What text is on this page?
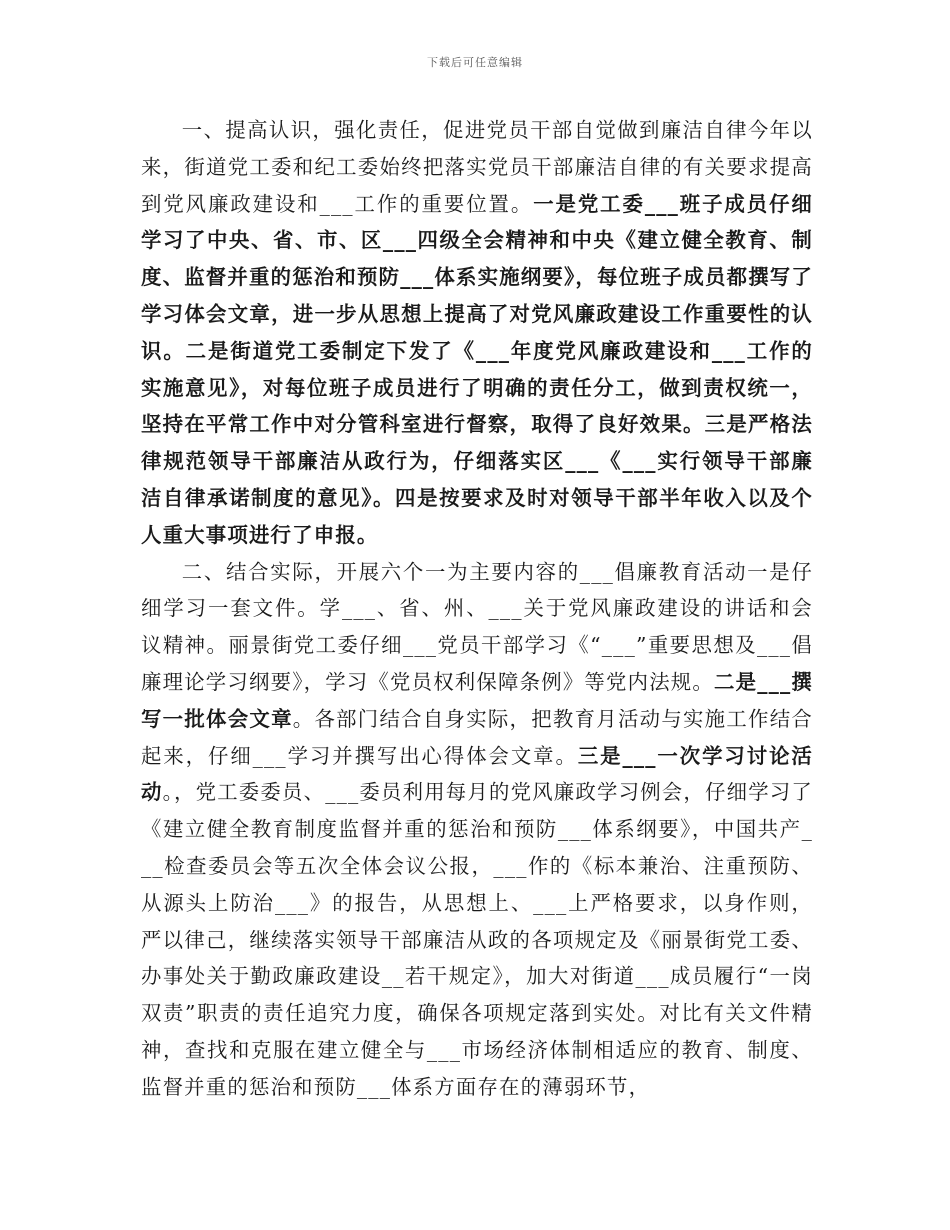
下载后可任意编辑

一、提高认识，强化责任，促进党员干部自觉做到廉洁自律今年以来，街道党工委和纪工委始终把落实党员干部廉洁自律的有关要求提高到党风廉政建设和___工作的重要位置。一是党工委___班子成员仔细学习了中央、省、市、区___四级全会精神和中央《建立健全教育、制度、监督并重的惩治和预防___体系实施纲要》，每位班子成员都撰写了学习体会文章，进一步从思想上提高了对党风廉政建设工作重要性的认识。二是街道党工委制定下发了《___年度党风廉政建设和___工作的实施意见》，对每位班子成员进行了明确的责任分工，做到责权统一，坚持在平常工作中对分管科室进行督察，取得了良好效果。三是严格法律规范领导干部廉洁从政行为，仔细落实区___《___实行领导干部廉洁自律承诺制度的意见》。四是按要求及时对领导干部半年收入以及个人重大事项进行了申报。

二、结合实际，开展六个一为主要内容的___倡廉教育活动一是仔细学习一套文件。学___、省、州、___关于党风廉政建设的讲话和会议精神。丽景街党工委仔细___党员干部学习《“___”重要思想及___倡廉理论学习纲要》，学习《党员权利保障条例》等党内法规。二是___撰写一批体会文章。各部门结合自身实际，把教育月活动与实施工作结合起来，仔细___学习并撰写出心得体会文章。三是___一次学习讨论活动。，党工委委员、___委员利用每月的党风廉政学习例会，仔细学习了《建立健全教育制度监督并重的惩治和预防___体系纲要》，中国共产___检查委员会等五次全体会议公报，___作的《标本兼治、注重预防、从源头上防治___》的报告，从思想上、___上严格要求，以身作则，严以律己，继续落实领导干部廉洁从政的各项规定及《丽景街党工委、办事处关于勤政廉政建设__若干规定》，加大对街道___成员履行“一岗双责”职责的责任追究力度，确保各项规定落到实处。对比有关文件精神，查找和克服在建立健全与___市场经济体制相适应的教育、制度、监督并重的惩治和预防___体系方面存在的薄弱环节，
